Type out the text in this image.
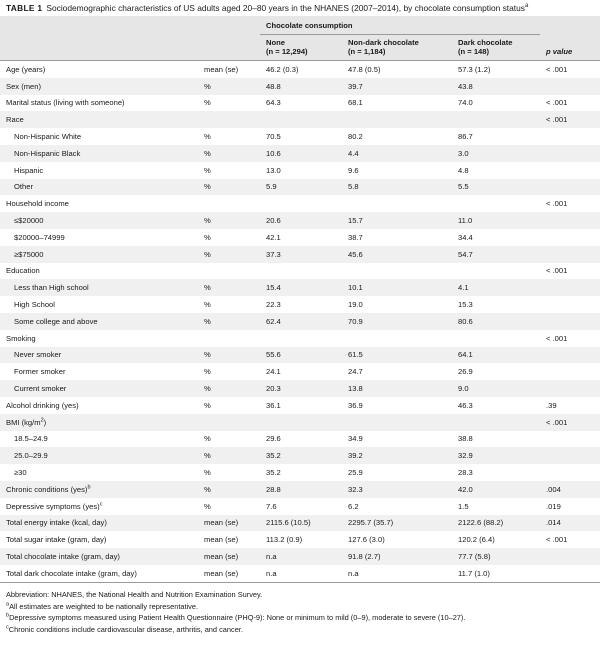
TABLE 1 Sociodemographic characteristics of US adults aged 20–80 years in the NHANES (2007–2014), by chocolate consumption status$^a$
		Chocolate consumption			
		None	Non-dark chocolate	Dark chocolate	
		(n = 12,294)	(n = 1,184)	(n = 148)	p value
Age (years)	mean (se)	46.2 (0.3)	47.8 (0.5)	57.3 (1.2)	< .001
Sex (men)	%	48.8	39.7	43.8	
Marital status (living with someone)	%	64.3	68.1	74.0	< .001
Race					< .001
Non-Hispanic White	%	70.5	80.2	86.7	
Non-Hispanic Black	%	10.6	4.4	3.0	
Hispanic	%	13.0	9.6	4.8	
Other	%	5.9	5.8	5.5	
Household income					< .001
≤$20000	%	20.6	15.7	11.0	
$20000–74999	%	42.1	38.7	34.4	
≥$75000	%	37.3	45.6	54.7	
Education					< .001
Less than High school	%	15.4	10.1	4.1	
High School	%	22.3	19.0	15.3	
Some college and above	%	62.4	70.9	80.6	
Smoking					< .001
Never smoker	%	55.6	61.5	64.1	
Former smoker	%	24.1	24.7	26.9	
Current smoker	%	20.3	13.8	9.0	
Alcohol drinking (yes)	%	36.1	36.9	46.3	.39
BMI $(kg/m^2)$					< .001
18.5–24.9	%	29.6	34.9	38.8	
25.0–29.9	%	35.2	39.2	32.9	
≥30	%	35.2	25.9	28.3	
Chronic conditions (yes)$^b$	%	28.8	32.3	42.0	.004
Depressive symptoms (yes)$^c$	%	7.6	6.2	1.5	.019
Total energy intake (kcal, day)	mean (se)	2115.6 (10.5)	2295.7 (35.7)	2122.6 (88.2)	.014
Total sugar intake (gram, day)	mean (se)	113.2 (0.9)	127.6 (3.0)	120.2 (6.4)	< .001
Total chocolate intake (gram, day)	mean (se)	n.a	91.8 (2.7)	77.7 (5.8)	
Total dark chocolate intake (gram, day)	mean (se)	n.a	n.a	11.7 (1.0)	
Abbreviation: NHANES, the National Health and Nutrition Examination Survey.
$^a$All estimates are weighted to be nationally representative.
$^b$Depressive symptoms measured using Patient Health Questionnaire (PHQ-9): None or minimum to mild (0–9), moderate to severe (10–27).
$^c$Chronic conditions include cardiovascular disease, arthritis, and cancer.
